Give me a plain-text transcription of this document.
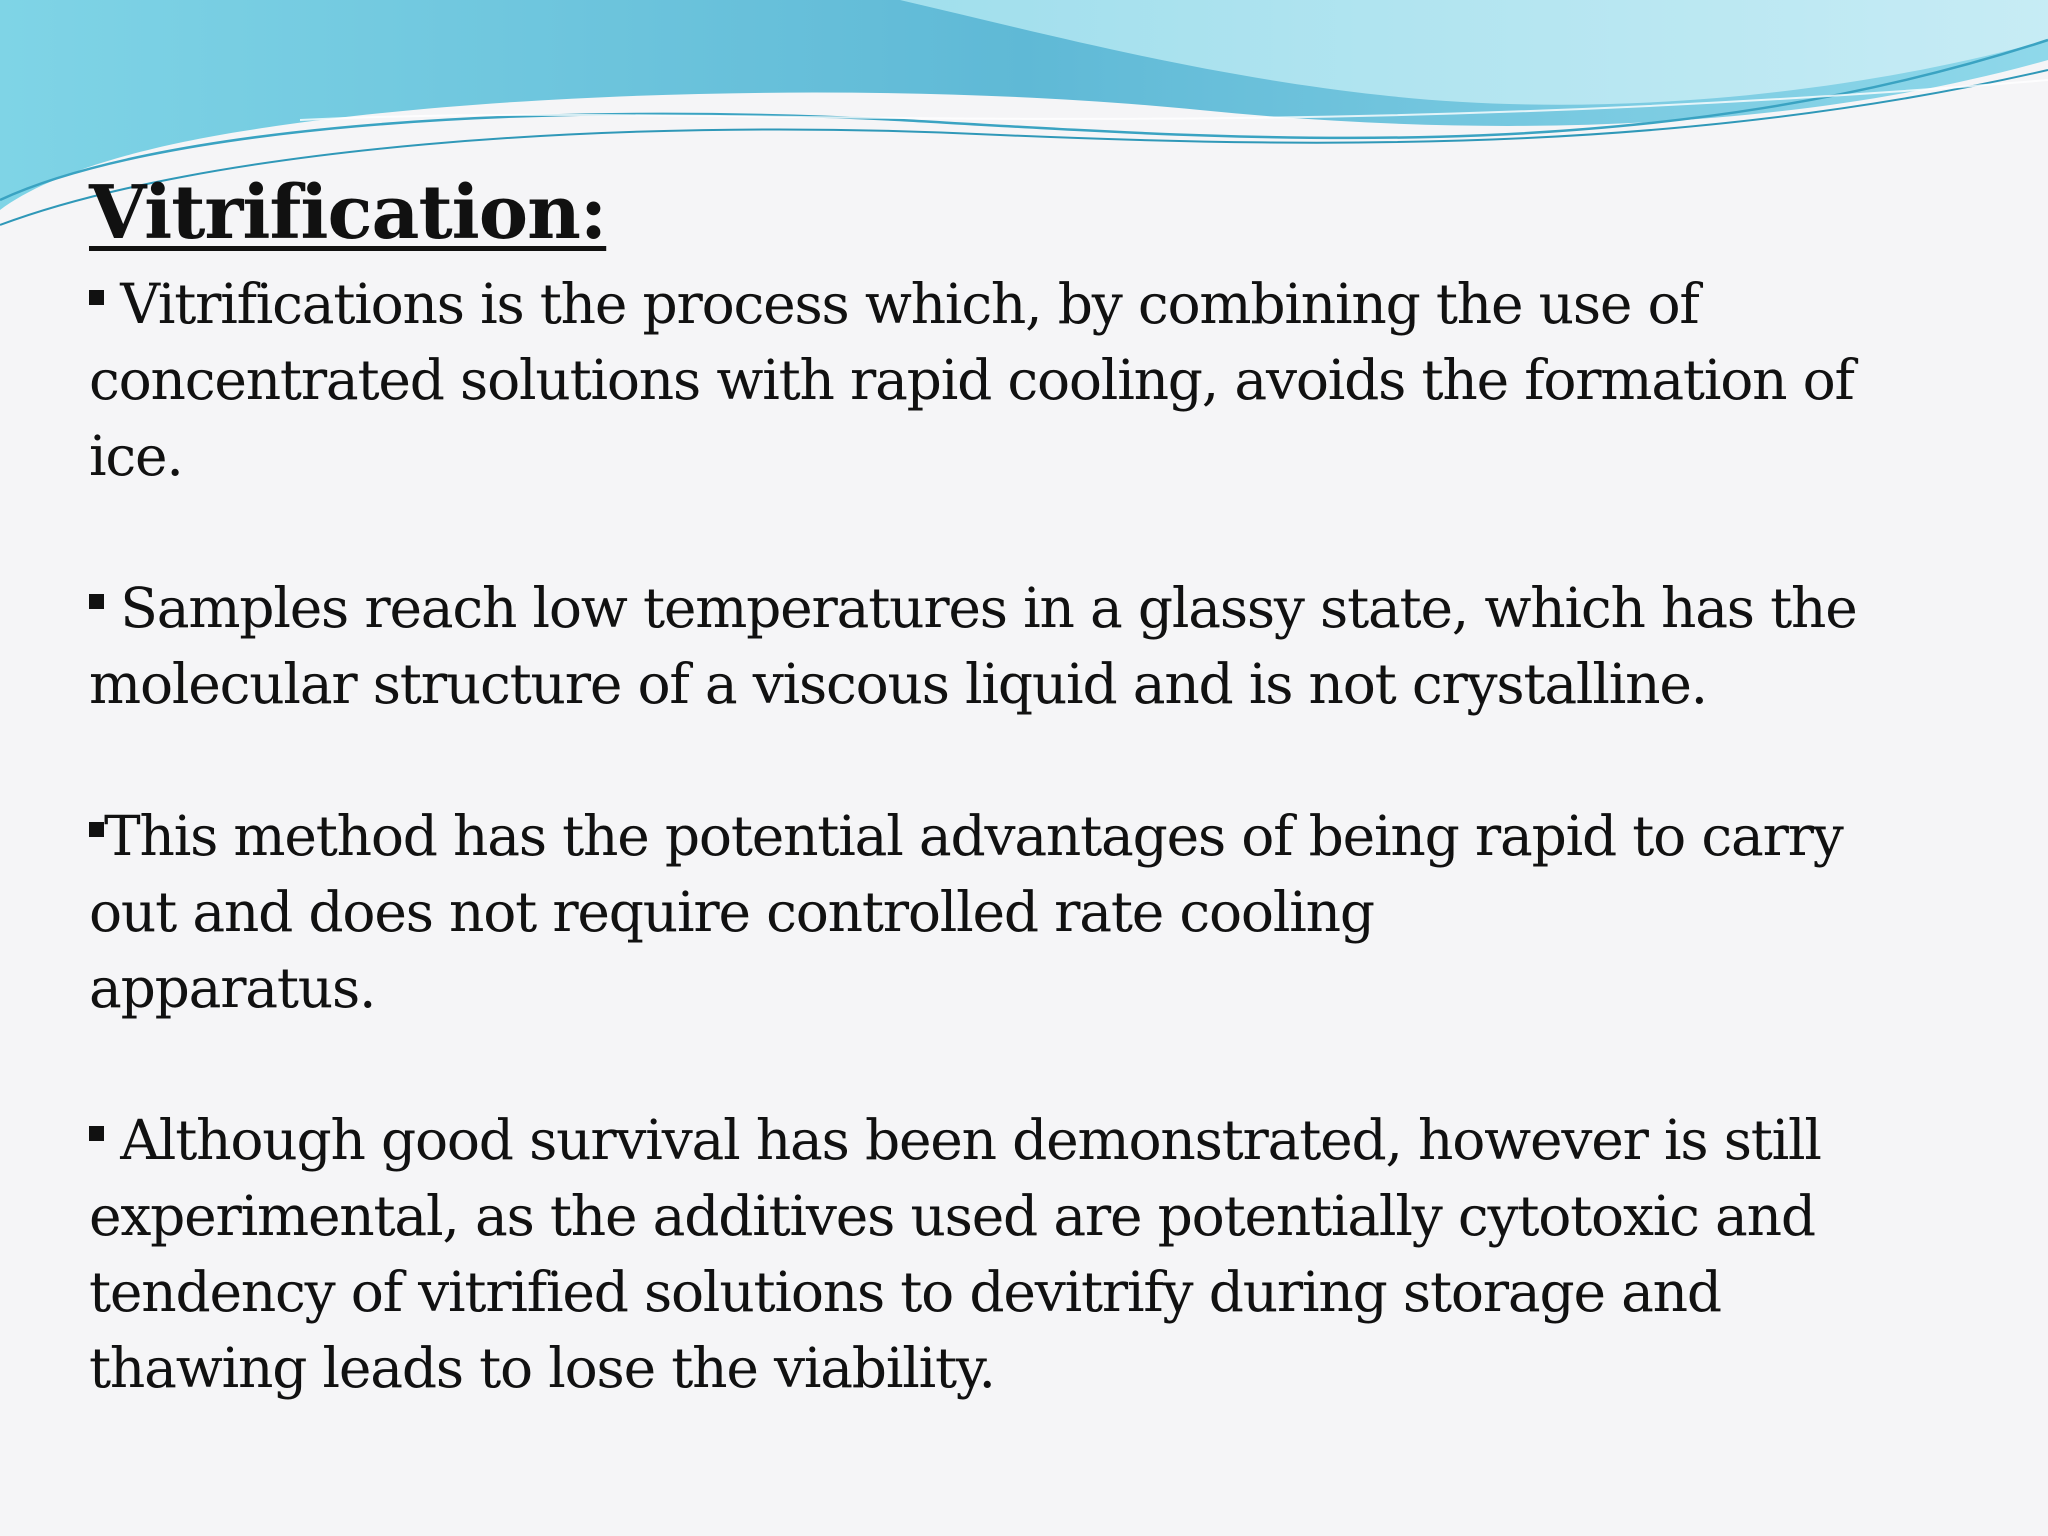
Vitrification:
Vitrifications is the process which, by combining the use of
concentrated solutions with rapid cooling, avoids the formation of
ice.
Samples reach low temperatures in a glassy state, which has the
molecular structure of a viscous liquid and is not crystalline.
This method has the potential advantages of being rapid to carry
out and does not require controlled rate cooling
apparatus.
Although good survival has been demonstrated, however is still
experimental, as the additives used are potentially cytotoxic and
tendency of vitrified solutions to devitrify during storage and
thawing leads to lose the viability.
